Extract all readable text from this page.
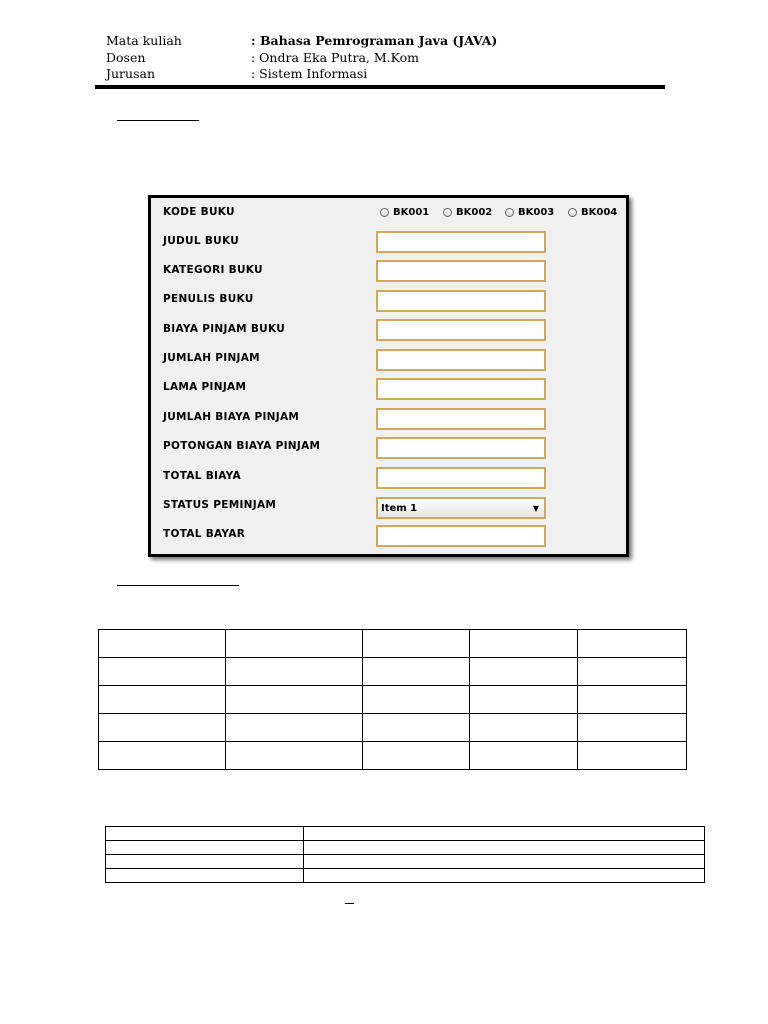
Mata kuliah	: Bahasa Pemrograman Java (JAVA)
Dosen	: Ondra Eka Putra, M.Kom
Jurusan	: Sistem Informasi
KODE BUKU	BK001	BK002	BK003	BK004
JUDUL BUKU
KATEGORI BUKU
PENULIS BUKU
BIAYA PINJAM BUKU
JUMLAH PINJAM
LAMA PINJAM
JUMLAH BIAYA PINJAM
POTONGAN BIAYA PINJAM
TOTAL BIAYA
STATUS PEMINJAM	Item 1	▼
TOTAL BAYAR
